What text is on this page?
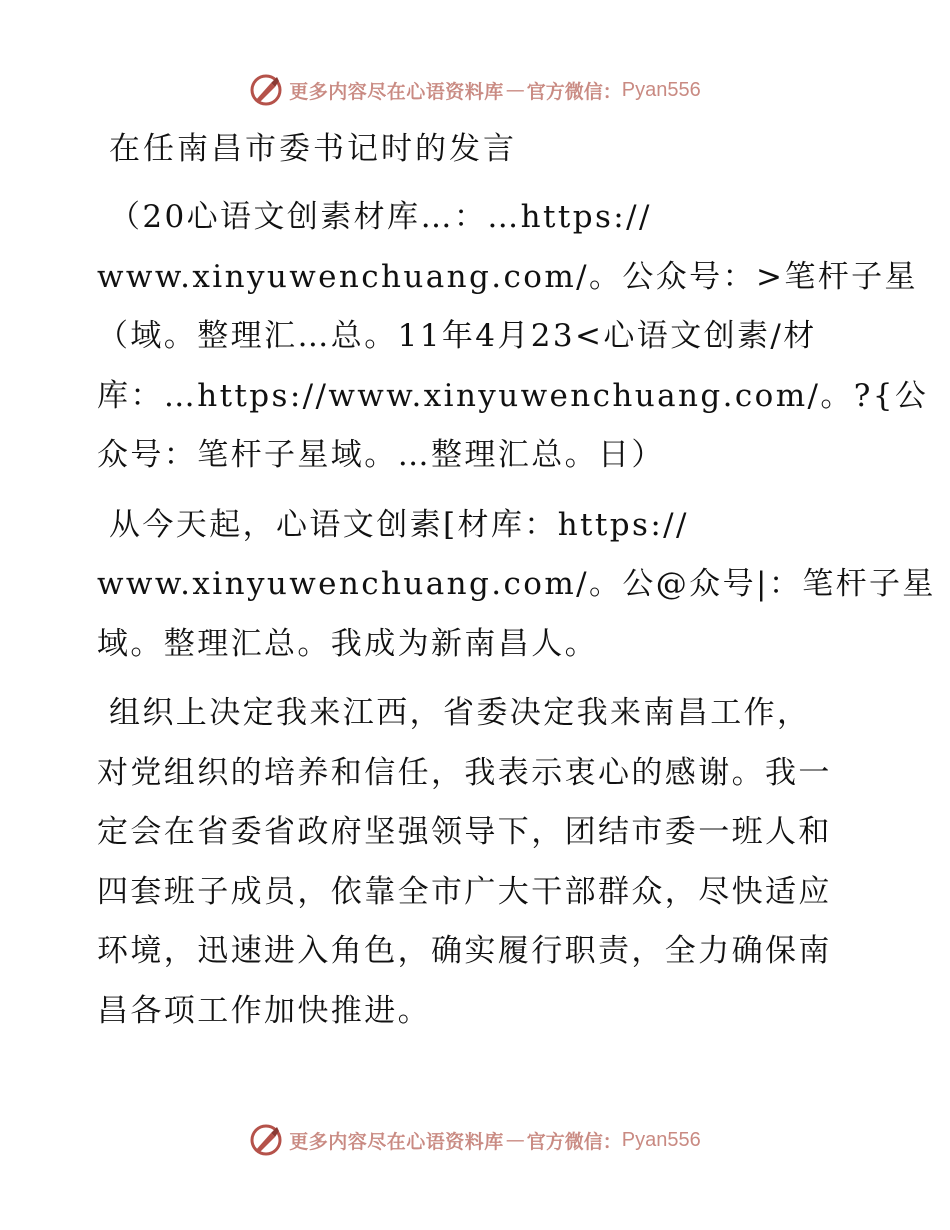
更多内容尽在心语资料库 — 官方微信： Pyan556
在任南昌市委书记时的发言
（20心语文创素材库…：…https://
www.xinyuwenchuang.com/。公众号：>笔杆子星
（域。整理汇…总。11年4月23<心语文创素/材
库：…https://www.xinyuwenchuang.com/。?{公
众号：笔杆子星域。…整理汇总。日）
从今天起，心语文创素[材库：https://
www.xinyuwenchuang.com/。公@众号|：笔杆子星
域。整理汇总。我成为新南昌人。
组织上决定我来江西，省委决定我来南昌工作，
对党组织的培养和信任，我表示衷心的感谢。我一
定会在省委省政府坚强领导下，团结市委一班人和
四套班子成员，依靠全市广大干部群众，尽快适应
环境，迅速进入角色，确实履行职责，全力确保南
昌各项工作加快推进。
更多内容尽在心语资料库 — 官方微信： Pyan556
